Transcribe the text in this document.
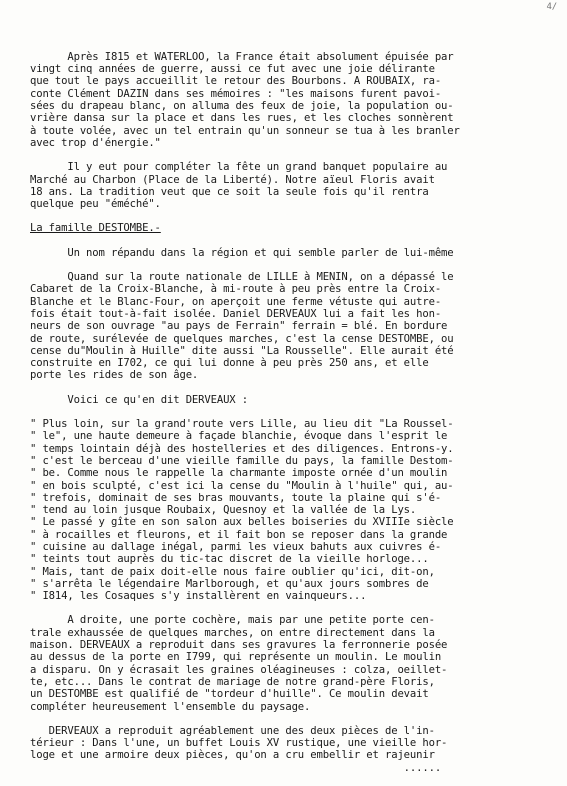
4/

Après I815 et WATERLOO, la France était absolument épuisée par
vingt cinq années de guerre, aussi ce fut avec une joie délirante
que tout le pays accueillit le retour des Bourbons. A ROUBAIX, ra-
conte Clément DAZIN dans ses mémoires : "les maisons furent pavoi-
sées du drapeau blanc, on alluma des feux de joie, la population ou-
vrière dansa sur la place et dans les rues, et les cloches sonnèrent
à toute volée, avec un tel entrain qu'un sonneur se tua à les branler
avec trop d'énergie."
Il y eut pour compléter la fête un grand banquet populaire au
Marché au Charbon (Place de la Liberté). Notre aïeul Floris avait
18 ans. La tradition veut que ce soit la seule fois qu'il rentra
quelque peu "éméché".
La famille DESTOMBE.-
Un nom répandu dans la région et qui semble parler de lui-même
Quand sur la route nationale de LILLE à MENIN, on a dépassé le
Cabaret de la Croix-Blanche, à mi-route à peu près entre la Croix-
Blanche et le Blanc-Four, on aperçoit une ferme vétuste qui autre-
fois était tout-à-fait isolée. Daniel DERVEAUX lui a fait les hon-
neurs de son ouvrage "au pays de Ferrain" ferrain = blé. En bordure
de route, surélevée de quelques marches, c'est la cense DESTOMBE, ou
cense du"Moulin à Huille" dite aussi "La Rousselle". Elle aurait été
construite en I702, ce qui lui donne à peu près 250 ans, et elle
porte les rides de son âge.
Voici ce qu'en dit DERVEAUX :
" Plus loin, sur la grand'route vers Lille, au lieu dit "La Roussel-
" le", une haute demeure à façade blanchie, évoque dans l'esprit le
" temps lointain déjà des hostelleries et des diligences. Entrons-y.
" c'est le berceau d'une vieille famille du pays, la famille Destom-
" be. Comme nous le rappelle la charmante imposte ornée d'un moulin
" en bois sculpté, c'est ici la cense du "Moulin à l'huile" qui, au-
" trefois, dominait de ses bras mouvants, toute la plaine qui s'é-
" tend au loin jusque Roubaix, Quesnoy et la vallée de la Lys.
" Le passé y gîte en son salon aux belles boiseries du XVIIIe siècle
" à rocailles et fleurons, et il fait bon se reposer dans la grande
" cuisine au dallage inégal, parmi les vieux bahuts aux cuivres é-
" teints tout auprès du tic-tac discret de la vieille horloge...
" Mais, tant de paix doit-elle nous faire oublier qu'ici, dit-on,
" s'arrêta le légendaire Marlborough, et qu'aux jours sombres de
" I814, les Cosaques s'y installèrent en vainqueurs...
A droite, une porte cochère, mais par une petite porte cen-
trale exhaussée de quelques marches, on entre directement dans la
maison. DERVEAUX a reproduit dans ses gravures la ferronnerie posée
au dessus de la porte en I799, qui représente un moulin. Le moulin
a disparu. On y écrasait les graines oléagineuses : colza, oeillet-
te, etc... Dans le contrat de mariage de notre grand-père Floris,
un DESTOMBE est qualifié de "tordeur d'huille". Ce moulin devait
compléter heureusement l'ensemble du paysage.
DERVEAUX a reproduit agréablement une des deux pièces de l'in-
térieur : Dans l'une, un buffet Louis XV rustique, une vieille hor-
loge et une armoire deux pièces, qu'on a cru embellir et rajeunir
......
